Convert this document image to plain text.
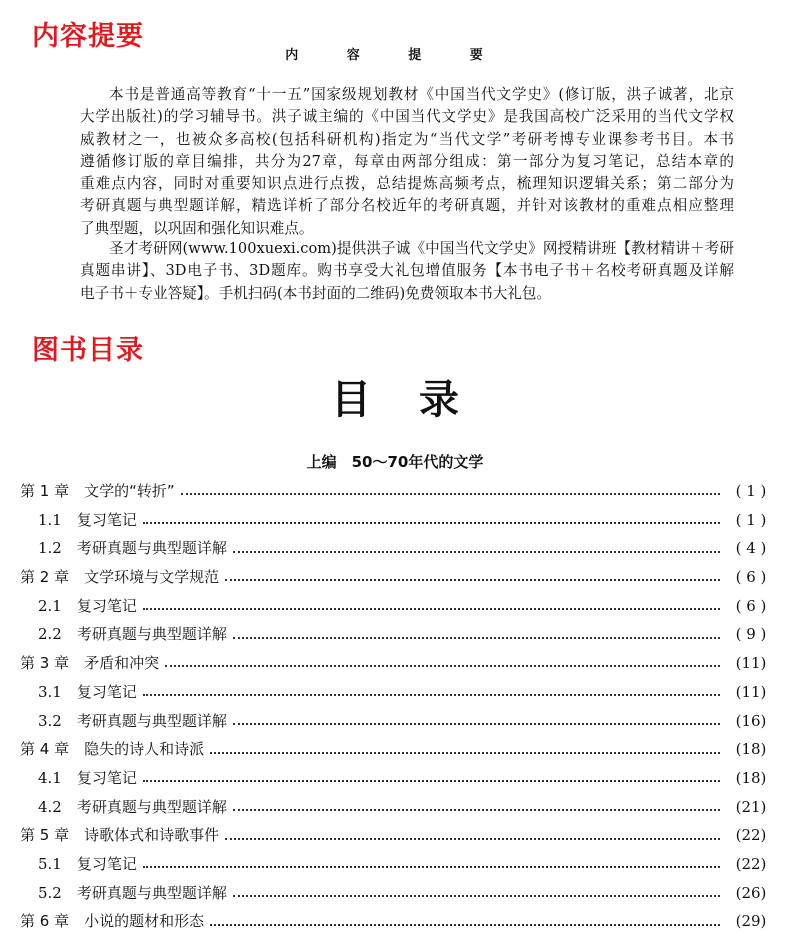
内容提要
内 容 提 要
本书是普通高等教育“十一五”国家级规划教材《中国当代文学史》(修订版，洪子诚著，北京
大学出版社)的学习辅导书。洪子诚主编的《中国当代文学史》是我国高校广泛采用的当代文学权
威教材之一，也被众多高校(包括科研机构)指定为“当代文学”考研考博专业课参考书目。本书
遵循修订版的章目编排，共分为27章，每章由两部分组成：第一部分为复习笔记，总结本章的
重难点内容，同时对重要知识点进行点拨，总结提炼高频考点，梳理知识逻辑关系；第二部分为
考研真题与典型题详解，精选详析了部分名校近年的考研真题，并针对该教材的重难点相应整理
了典型题，以巩固和强化知识难点。
圣才考研网(www.100xuexi.com)提供洪子诚《中国当代文学史》网授精讲班【教材精讲＋考研
真题串讲】、3D电子书、3D题库。购书享受大礼包增值服务【本书电子书＋名校考研真题及详解
电子书＋专业答疑】。手机扫码(本书封面的二维码)免费领取本书大礼包。
图书目录
目录
上编　50～70年代的文学
第 1 章　文学的“转折”	( 1 )
1.1　复习笔记	( 1 )
1.2　考研真题与典型题详解	( 4 )
第 2 章　文学环境与文学规范	( 6 )
2.1　复习笔记	( 6 )
2.2　考研真题与典型题详解	( 9 )
第 3 章　矛盾和冲突	(11)
3.1　复习笔记	(11)
3.2　考研真题与典型题详解	(16)
第 4 章　隐失的诗人和诗派	(18)
4.1　复习笔记	(18)
4.2　考研真题与典型题详解	(21)
第 5 章　诗歌体式和诗歌事件	(22)
5.1　复习笔记	(22)
5.2　考研真题与典型题详解	(26)
第 6 章　小说的题材和形态	(29)
